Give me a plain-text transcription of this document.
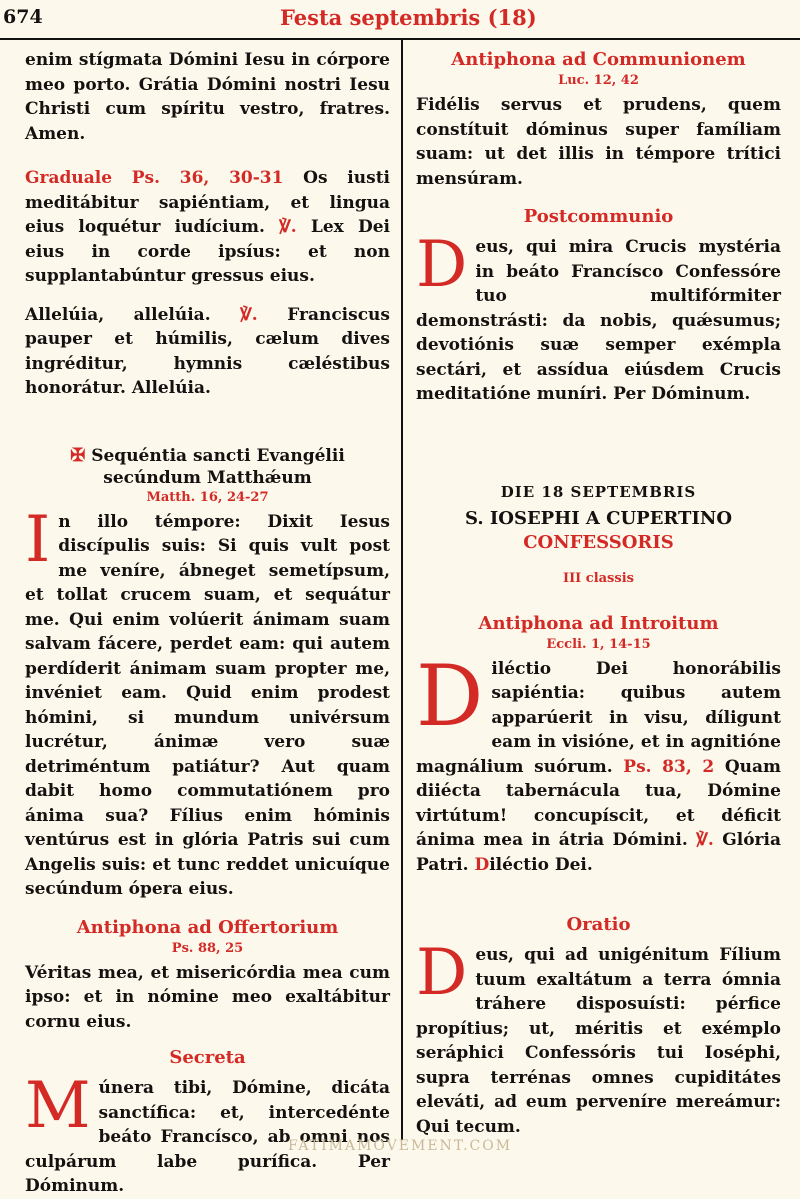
674	Festa septembris (18)

enim stígmata Dómini Iesu in córpore meo porto. Grátia Dómini nostri Iesu Christi cum spíritu vestro, fratres. Amen.

Graduale Ps. 36, 30-31 Os iusti meditábitur sapiéntiam, et lingua eius loquétur iudícium. ℣. Lex Dei eius in corde ipsíus: et non supplantabúntur gressus eius.

Allelúia, allelúia. ℣. Franciscus pauper et húmilis, cælum dives ingréditur, hymnis cæléstibus honorátur. Allelúia.

✠ Sequéntia sancti Evangélii
secúndum Matthǽum

Matth. 16, 24-27

In illo témpore: Dixit Iesus discípulis suis: Si quis vult post me veníre, ábneget semetípsum, et tollat crucem suam, et sequátur me. Qui enim volúerit ánimam suam salvam fácere, perdet eam: qui autem perdíderit ánimam suam propter me, invéniet eam. Quid enim prodest hómini, si mundum univérsum lucrétur, ánimæ vero suæ detriméntum patiátur? Aut quam dabit homo commutatiónem pro ánima sua? Fílius enim hóminis ventúrus est in glória Patris sui cum Angelis suis: et tunc reddet unicuíque secúndum ópera eius.

Antiphona ad Offertorium

Ps. 88, 25

Véritas mea, et misericórdia mea cum ipso: et in nómine meo exaltábitur cornu eius.

Secreta

Múnera tibi, Dómine, dicáta sanctífica: et, intercedénte beáto Francísco, ab omni nos culpárum labe purífica. Per Dóminum.

Antiphona ad Communionem

Luc. 12, 42

Fidélis servus et prudens, quem constítuit dóminus super famíliam suam: ut det illis in témpore trítici mensúram.

Postcommunio

Deus, qui mira Crucis mystéria in beáto Francísco Confessóre tuo multifórmiter demonstrásti: da nobis, quǽsumus; devotiónis suæ semper exémpla sectári, et assídua eiúsdem Crucis meditatióne muníri. Per Dóminum.

DIE 18 SEPTEMBRIS

S. IOSEPHI A CUPERTINO

CONFESSORIS

III classis

Antiphona ad Introitum

Eccli. 1, 14-15

Diléctio Dei honorábilis sapiéntia: quibus autem apparúerit in visu, díligunt eam in visióne, et in agnitióne magnálium suórum. Ps. 83, 2 Quam diiécta tabernácula tua, Dómine virtútum! concupíscit, et déficit ánima mea in átria Dómini. ℣. Glória Patri. Diléctio Dei.

Oratio

Deus, qui ad unigénitum Fílium tuum exaltátum a terra ómnia tráhere disposuísti: pérfice propítius; ut, méritis et exémplo seráphici Confessóris tui Ioséphi, supra terrénas omnes cupiditátes eleváti, ad eum perveníre mereámur: Qui tecum.

FATIMAMOVEMENT.COM
